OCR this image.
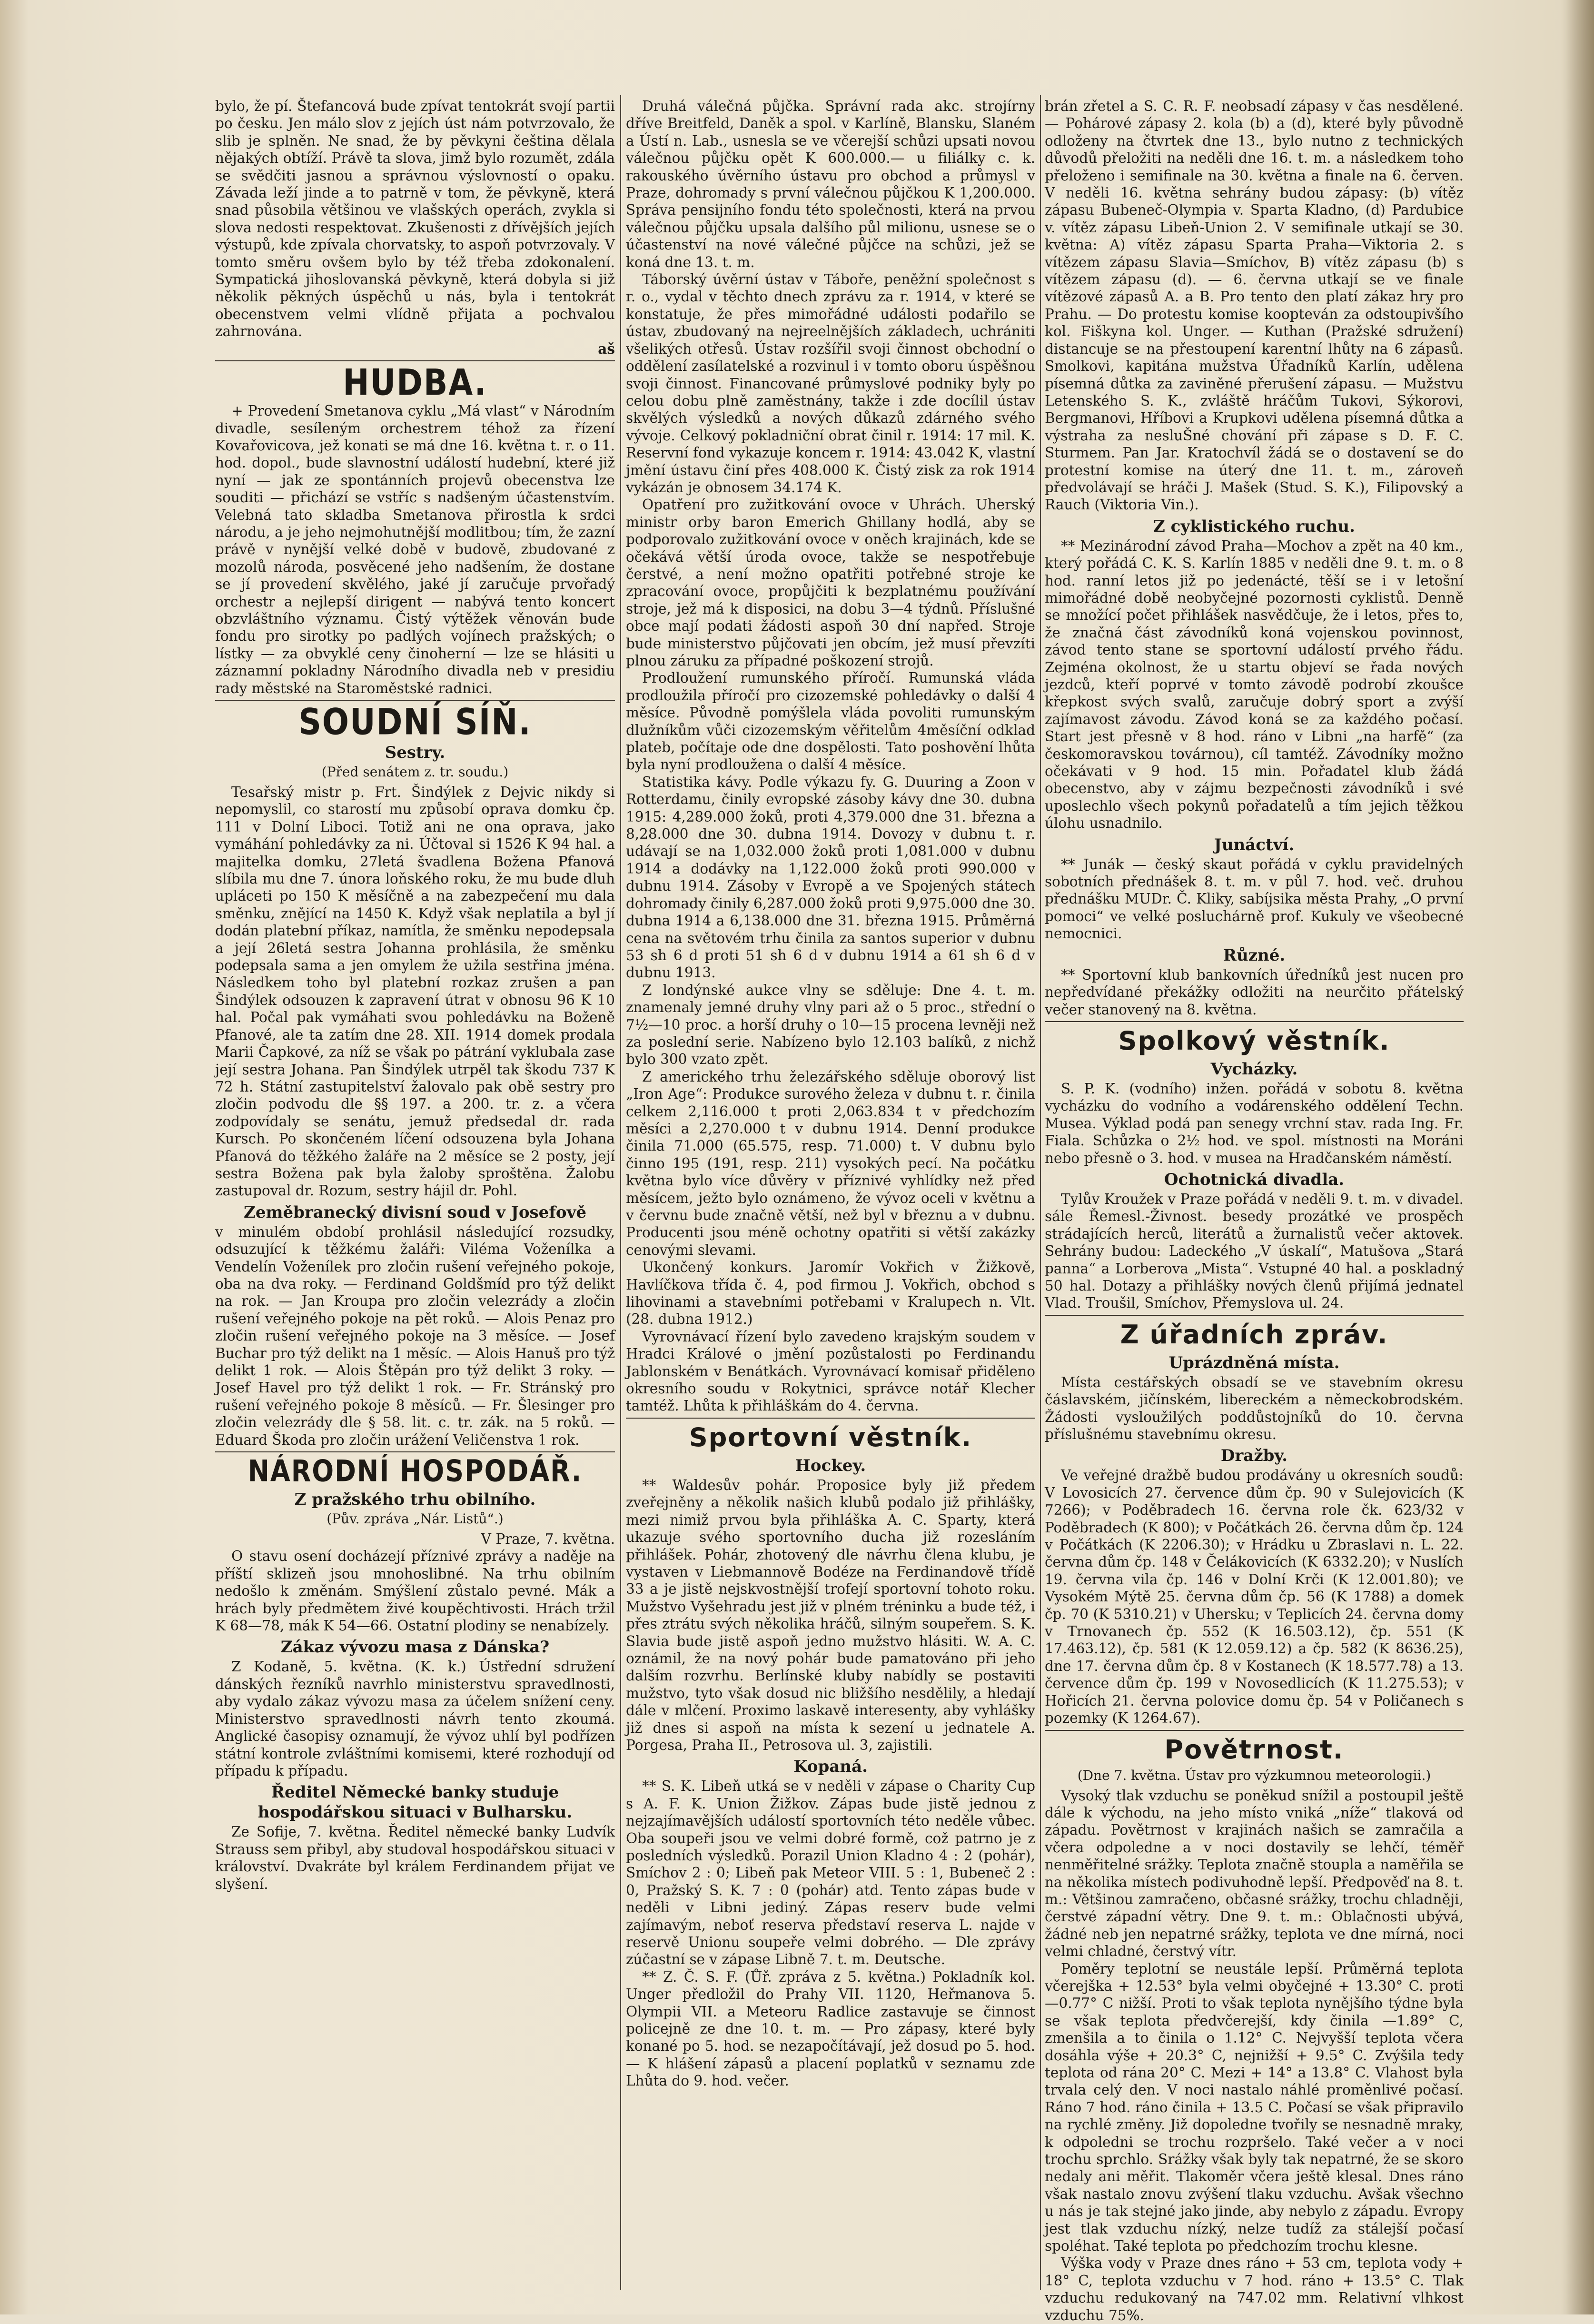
bylo, že pí. Štefancová bude zpívat tentokrát svojí partii po česku. Jen málo slov z jejích úst nám potvrzovalo, že slib je splněn. Ne snad, že by pěvkyni čeština dělala nějakých obtíží. Právě ta slova, jimž bylo rozumět, zdála se svědčiti jasnou a správnou výslovností o opaku. Závada leží jinde a to patrně v tom, že pěvkyně, která snad působila většinou ve vlašských operách, zvykla si slova nedosti respektovat. Zkušenosti z dřívějších jejích výstupů, kde zpívala chorvatsky, to aspoň potvrzovaly. V tomto směru ovšem bylo by též třeba zdokonalení. Sympatická jihoslovanská pěvkyně, která dobyla si již několik pěkných úspěchů u nás, byla i tentokrát obecenstvem velmi vlídně přijata a pochvalou zahrnována.

aš

HUDBA.

+ Provedení Smetanova cyklu „Má vlast“ v Národním divadle, sesíleným orchestrem téhož za řízení Kovařovicova, jež konati se má dne 16. května t. r. o 11. hod. dopol., bude slavnostní událostí hudební, které již nyní — jak ze spontánních projevů obecenstva lze souditi — přichází se vstříc s nadšeným účastenstvím. Velebná tato skladba Smetanova přirostla k srdci národu, a je jeho nejmohutnější modlitbou; tím, že zazní právě v nynější velké době v budově, zbudované z mozolů národa, posvěcené jeho nadšením, že dostane se jí provedení skvělého, jaké jí zaručuje prvořadý orchestr a nejlepší dirigent — nabývá tento koncert obzvláštního významu. Čistý výtěžek věnován bude fondu pro sirotky po padlých vojínech pražských; o lístky — za obvyklé ceny činoherní — lze se hlásiti u záznamní pokladny Národního divadla neb v presidiu rady městské na Staroměstské radnici.

SOUDNÍ SÍŇ.
Sestry.
(Před senátem z. tr. soudu.)

Tesařský mistr p. Frt. Šindýlek z Dejvic nikdy si nepomyslil, co starostí mu způsobí oprava domku čp. 111 v Dolní Liboci. Totiž ani ne ona oprava, jako vymáhání pohledávky za ni. Účtoval si 1526 K 94 hal. a majitelka domku, 27letá švadlena Božena Pfanová slíbila mu dne 7. února loňského roku, že mu bude dluh upláceti po 150 K měsíčně a na zabezpečení mu dala směnku, znějící na 1450 K. Když však neplatila a byl jí dodán platební příkaz, namítla, že směnku nepodepsala a její 26letá sestra Johanna prohlásila, že směnku podepsala sama a jen omylem že užila sestřina jména. Následkem toho byl platební rozkaz zrušen a pan Šindýlek odsouzen k zapravení útrat v obnosu 96 K 10 hal. Počal pak vymáhati svou pohledávku na Boženě Pfanové, ale ta zatím dne 28. XII. 1914 domek prodala Marii Čapkové, za níž se však po pátrání vyklubala zase její sestra Johana. Pan Šindýlek utrpěl tak škodu 737 K 72 h. Státní zastupitelství žalovalo pak obě sestry pro zločin podvodu dle §§ 197. a 200. tr. z. a včera zodpovídaly se senátu, jemuž předsedal dr. rada Kursch. Po skončeném líčení odsouzena byla Johana Pfanová do těžkého žaláře na 2 měsíce se 2 posty, její sestra Božena pak byla žaloby sproštěna. Žalobu zastupoval dr. Rozum, sestry hájil dr. Pohl.

Zeměbranecký divisní soud v Josefově

v minulém období prohlásil následující rozsudky, odsuzující k těžkému žaláři: Viléma Voženílka a Vendelín Voženílek pro zločin rušení veřejného pokoje, oba na dva roky. — Ferdinand Goldšmíd pro týž delikt na rok. — Jan Kroupa pro zločin velezrády a zločin rušení veřejného pokoje na pět roků. — Alois Penaz pro zločin rušení veřejného pokoje na 3 měsíce. — Josef Buchar pro týž delikt na 1 měsíc. — Alois Hanuš pro týž delikt 1 rok. — Alois Štěpán pro týž delikt 3 roky. — Josef Havel pro týž delikt 1 rok. — Fr. Stránský pro rušení veřejného pokoje 8 měsíců. — Fr. Šlesinger pro zločin velezrády dle § 58. lit. c. tr. zák. na 5 roků. — Eduard Škoda pro zločin urážení Veličenstva 1 rok.

NÁRODNÍ HOSPODÁŘ.
Z pražského trhu obilního.
(Pův. zpráva „Nár. Listů“.)
V Praze, 7. května.

O stavu osení docházejí příznivé zprávy a naděje na příští sklizeň jsou mnohoslibné. Na trhu obilním nedošlo k změnám. Smýšlení zůstalo pevné. Mák a hrách byly předmětem živé koupěchtivosti. Hrách tržil K 68—78, mák K 54—66. Ostatní plodiny se nenabízely.

Zákaz vývozu masa z Dánska?

Z Kodaně, 5. května. (K. k.) Ústřední sdružení dánských řezníků navrhlo ministerstvu spravedlnosti, aby vydalo zákaz vývozu masa za účelem snížení ceny. Ministerstvo spravedlnosti návrh tento zkoumá. Anglické časopisy oznamují, že vývoz uhlí byl podřízen státní kontrole zvláštními komisemi, které rozhodují od případu k případu.

Ředitel Německé banky studuje hospodářskou situaci v Bulharsku.

Ze Sofije, 7. května. Ředitel německé banky Ludvík Strauss sem přibyl, aby studoval hospodářskou situaci v království. Dvakráte byl králem Ferdinandem přijat ve slyšení.

Druhá válečná půjčka. Správní rada akc. strojírny dříve Breitfeld, Daněk a spol. v Karlíně, Blansku, Slaném a Ústí n. Lab., usnesla se ve včerejší schůzi upsati novou válečnou půjčku opět K 600.000.— u filiálky c. k. rakouského úvěrního ústavu pro obchod a průmysl v Praze, dohromady s první válečnou půjčkou K 1,200.000. Správa pensijního fondu této společnosti, která na prvou válečnou půjčku upsala dalšího půl milionu, usnese se o účastenství na nové válečné půjčce na schůzi, jež se koná dne 13. t. m.

Táborský úvěrní ústav v Táboře, peněžní společnost s r. o., vydal v těchto dnech zprávu za r. 1914, v které se konstatuje, že přes mimořádné události podařilo se ústav, zbudovaný na nejreelnějších základech, uchrániti všelikých otřesů. Ústav rozšířil svoji činnost obchodní o oddělení zasílatelské a rozvinul i v tomto oboru úspěšnou svoji činnost. Financované průmyslové podniky byly po celou dobu plně zaměstnány, takže i zde docílil ústav skvělých výsledků a nových důkazů zdárného svého vývoje. Celkový pokladniční obrat činil r. 1914: 17 mil. K. Reservní fond vykazuje koncem r. 1914: 43.042 K, vlastní jmění ústavu činí přes 408.000 K. Čistý zisk za rok 1914 vykázán je obnosem 34.174 K.

Opatření pro zužitkování ovoce v Uhrách. Uherský ministr orby baron Emerich Ghillany hodlá, aby se podporovalo zužitkování ovoce v oněch krajinách, kde se očekává větší úroda ovoce, takže se nespotřebuje čerstvé, a není možno opatřiti potřebné stroje ke zpracování ovoce, propůjčiti k bezplatnému používání stroje, jež má k disposici, na dobu 3—4 týdnů. Příslušné obce mají podati žádosti aspoň 30 dní napřed. Stroje bude ministerstvo půjčovati jen obcím, jež musí převzíti plnou záruku za případné poškození strojů.

Prodloužení rumunského příročí. Rumunská vláda prodloužila příročí pro cizozemské pohledávky o další 4 měsíce. Původně pomýšlela vláda povoliti rumunským dlužníkům vůči cizozemským věřitelům 4měsíční odklad plateb, počítaje ode dne dospělosti. Tato poshovění lhůta byla nyní prodloužena o další 4 měsíce.

Statistika kávy. Podle výkazu fy. G. Duuring a Zoon v Rotterdamu, činily evropské zásoby kávy dne 30. dubna 1915: 4,289.000 žoků, proti 4,379.000 dne 31. března a 8,28.000 dne 30. dubna 1914. Dovozy v dubnu t. r. udávají se na 1,032.000 žoků proti 1,081.000 v dubnu 1914 a dodávky na 1,122.000 žoků proti 990.000 v dubnu 1914. Zásoby v Evropě a ve Spojených státech dohromady činily 6,287.000 žoků proti 9,975.000 dne 30. dubna 1914 a 6,138.000 dne 31. března 1915. Průměrná cena na světovém trhu činila za santos superior v dubnu 53 sh 6 d proti 51 sh 6 d v dubnu 1914 a 61 sh 6 d v dubnu 1913.

Z londýnské aukce vlny se sděluje: Dne 4. t. m. znamenaly jemné druhy vlny pari až o 5 proc., střední o 7½—10 proc. a horší druhy o 10—15 procena levněji než za poslední serie. Nabízeno bylo 12.103 balíků, z nichž bylo 300 vzato zpět.

Z amerického trhu železářského sděluje oborový list „Iron Age“: Produkce surového železa v dubnu t. r. činila celkem 2,116.000 t proti 2,063.834 t v předchozím měsíci a 2,270.000 t v dubnu 1914. Denní produkce činila 71.000 (65.575, resp. 71.000) t. V dubnu bylo činno 195 (191, resp. 211) vysokých pecí. Na počátku května bylo více důvěry v příznivé vyhlídky než před měsícem, ježto bylo oznámeno, že vývoz oceli v květnu a v červnu bude značně větší, než byl v březnu a v dubnu. Producenti jsou méně ochotny opatřiti si větší zakázky cenovými slevami.

Ukončený konkurs. Jaromír Vokřich v Žižkově, Havlíčkova třída č. 4, pod firmou J. Vokřich, obchod s lihovinami a stavebními potřebami v Kralupech n. Vlt. (28. dubna 1912.)

Vyrovnávací řízení bylo zavedeno krajským soudem v Hradci Králové o jmění pozůstalosti po Ferdinandu Jablonském v Benátkách. Vyrovnávací komisař přiděleno okresního soudu v Rokytnici, správce notář Klecher tamtéž. Lhůta k přihláškám do 4. června.

Sportovní věstník.
Hockey.

** Waldesův pohár. Proposice byly již předem zveřejněny a několik našich klubů podalo již přihlášky, mezi nimiž prvou byla přihláška A. C. Sparty, která ukazuje svého sportovního ducha již rozesláním přihlášek. Pohár, zhotovený dle návrhu člena klubu, je vystaven v Liebmannově Bodéze na Ferdinandově třídě 33 a je jistě nejskvostnější trofejí sportovní tohoto roku. Mužstvo Vyšehradu jest již v plném tréninku a bude též, i přes ztrátu svých několika hráčů, silným soupeřem. S. K. Slavia bude jistě aspoň jedno mužstvo hlásiti. W. A. C. oznámil, že na nový pohár bude pamatováno při jeho dalším rozvrhu. Berlínské kluby nabídly se postaviti mužstvo, tyto však dosud nic bližšího nesdělily, a hledají dále v mlčení. Proximo laskavě interesenty, aby vyhlášky již dnes si aspoň na místa k sezení u jednatele A. Porgesa, Praha II., Petrosova ul. 3, zajistili.

Kopaná.

** S. K. Libeň utká se v neděli v zápase o Charity Cup s A. F. K. Union Žižkov. Zápas bude jistě jednou z nejzajímavějších událostí sportovních této neděle vůbec. Oba soupeři jsou ve velmi dobré formě, což patrno je z posledních výsledků. Porazil Union Kladno 4 : 2 (pohár), Smíchov 2 : 0; Libeň pak Meteor VIII. 5 : 1, Bubeneč 2 : 0, Pražský S. K. 7 : 0 (pohár) atd. Tento zápas bude v neděli v Libni jediný. Zápas reserv bude velmi zajímavým, neboť reserva představí reserva L. najde v reservě Unionu soupeře velmi dobrého. — Dle zprávy zúčastní se v zápase Libně 7. t. m. Deutsche.

** Z. Č. S. F. (Ůř. zpráva z 5. května.) Pokladník kol. Unger předložil do Prahy VII. 1120, Heřmanova 5. Olympii VII. a Meteoru Radlice zastavuje se činnost policejně ze dne 10. t. m. — Pro zápasy, které byly konané po 5. hod. se nezapočítávají, jež dosud po 5. hod. — K hlášení zápasů a placení poplatků v seznamu zde Lhůta do 9. hod. večer.

brán zřetel a S. C. R. F. neobsadí zápasy v čas nesdělené. — Pohárové zápasy 2. kola (b) a (d), které byly původně odloženy na čtvrtek dne 13., bylo nutno z technických důvodů přeložiti na neděli dne 16. t. m. a následkem toho přeloženo i semifinale na 30. května a finale na 6. červen. V neděli 16. května sehrány budou zápasy: (b) vítěz zápasu Bubeneč-Olympia v. Sparta Kladno, (d) Pardubice v. vítěz zápasu Libeň-Union 2. V semifinale utkají se 30. května: A) vítěz zápasu Sparta Praha—Viktoria 2. s vítězem zápasu Slavia—Smíchov, B) vítěz zápasu (b) s vítězem zápasu (d). — 6. června utkají se ve finale vítězové zápasů A. a B. Pro tento den platí zákaz hry pro Prahu. — Do protestu komise koopteván za odstoupivšího kol. Fiškyna kol. Unger. — Kuthan (Pražské sdružení) distancuje se na přestoupení karentní lhůty na 6 zápasů. Smolkovi, kapitána mužstva Úřadníků Karlín, udělena písemná důtka za zaviněné přerušení zápasu. — Mužstvu Letenského S. K., zvláště hráčům Tukovi, Sýkorovi, Bergmanovi, Hříbovi a Krupkovi udělena písemná důtka a výstraha za nesluŠné chování při zápase s D. F. C. Sturmem. Pan Jar. Kratochvíl žádá se o dostavení se do protestní komise na úterý dne 11. t. m., zároveň předvolávají se hráči J. Mašek (Stud. S. K.), Filipovský a Rauch (Viktoria Vin.).

Z cyklistického ruchu.

** Mezinárodní závod Praha—Mochov a zpět na 40 km., který pořádá C. K. S. Karlín 1885 v neděli dne 9. t. m. o 8 hod. ranní letos již po jedenácté, těší se i v letošní mimořádné době neobyčejné pozornosti cyklistů. Denně se množící počet přihlášek nasvědčuje, že i letos, přes to, že značná část závodníků koná vojenskou povinnost, závod tento stane se sportovní událostí prvého řádu. Zejména okolnost, že u startu objeví se řada nových jezdců, kteří poprvé v tomto závodě podrobí zkoušce křepkost svých svalů, zaručuje dobrý sport a zvýší zajímavost závodu. Závod koná se za každého počasí. Start jest přesně v 8 hod. ráno v Libni „na harfě“ (za českomoravskou továrnou), cíl tamtéž. Závodníky možno očekávati v 9 hod. 15 min. Pořadatel klub žádá obecenstvo, aby v zájmu bezpečnosti závodníků i své uposlechlo všech pokynů pořadatelů a tím jejich těžkou úlohu usnadnilo.

Junáctví.

** Junák — český skaut pořádá v cyklu pravidelných sobotních přednášek 8. t. m. v půl 7. hod. več. druhou přednášku MUDr. Č. Kliky, sabíjsika města Prahy, „O první pomoci“ ve velké posluchárně prof. Kukuly ve všeobecné nemocnici.

Různé.

** Sportovní klub bankovních úředníků jest nucen pro nepředvídané překážky odložiti na neurčito přátelský večer stanovený na 8. května.

Spolkový věstník.
Vycházky.

S. P. K. (vodního) inžen. pořádá v sobotu 8. května vycházku do vodního a vodárenského oddělení Techn. Musea. Výklad podá pan senegy vrchní stav. rada Ing. Fr. Fiala. Schůzka o 2½ hod. ve spol. místnosti na Moráni nebo přesně o 3. hod. v musea na Hradčanském náměstí.

Ochotnická divadla.

Tylův Kroužek v Praze pořádá v neděli 9. t. m. v divadel. sále Řemesl.-Živnost. besedy prozátké ve prospěch strádajících herců, literátů a žurnalistů večer aktovek. Sehrány budou: Ladeckého „V úskalí“, Matušova „Stará panna“ a Lorberova „Mista“. Vstupné 40 hal. a poskladný 50 hal. Dotazy a přihlášky nových členů přijímá jednatel Vlad. Troušil, Smíchov, Přemyslova ul. 24.

Z úřadních zpráv.
Uprázdněná místa.

Místa cestářských obsadí se ve stavebním okresu čáslavském, jičínském, libereckém a německobrodském. Žádosti vysloužilých poddůstojníků do 10. června příslušnému stavebnímu okresu.

Dražby.

Ve veřejné dražbě budou prodávány u okresních soudů: V Lovosicích 27. července dům čp. 90 v Sulejovicích (K 7266); v Poděbradech 16. června role čk. 623/32 v Poděbradech (K 800); v Počátkách 26. června dům čp. 124 v Počátkách (K 2206.30); v Hrádku u Zbraslavi n. L. 22. června dům čp. 148 v Čelákovicích (K 6332.20); v Nuslích 19. června vila čp. 146 v Dolní Krči (K 12.001.80); ve Vysokém Mýtě 25. června dům čp. 56 (K 1788) a domek čp. 70 (K 5310.21) v Uhersku; v Teplicích 24. června domy v Trnovanech čp. 552 (K 16.503.12), čp. 551 (K 17.463.12), čp. 581 (K 12.059.12) a čp. 582 (K 8636.25), dne 17. června dům čp. 8 v Kostanech (K 18.577.78) a 13. července dům čp. 199 v Novosedlicích (K 11.275.53); v Hořicích 21. června polovice domu čp. 54 v Poličanech s pozemky (K 1264.67).

Povětrnost.
(Dne 7. května. Ústav pro výzkumnou meteorologii.)

Vysoký tlak vzduchu se poněkud snížil a postoupil ještě dále k východu, na jeho místo vniká „níže“ tlaková od západu. Povětrnost v krajinách našich se zamračila a včera odpoledne a v noci dostavily se lehčí, téměř nenměřitelné srážky. Teplota značně stoupla a naměřila se na několika místech podivuhodně lepší. Předpověď na 8. t. m.: Většinou zamračeno, občasné srážky, trochu chladněji, čerstvé západní větry. Dne 9. t. m.: Oblačnosti ubývá, žádné neb jen nepatrné srážky, teplota ve dne mírná, noci velmi chladné, čerstvý vítr.

Poměry teplotní se neustále lepší. Průměrná teplota včerejška + 12.53° byla velmi obyčejné + 13.30° C. proti —0.77° C nižší. Proti to však teplota nynějšího týdne byla se však teplota předvčerejší, kdy činila —1.89° C, zmenšila a to činila o 1.12° C. Nejvyšší teplota včera dosáhla výše + 20.3° C, nejnižší + 9.5° C. Zvýšila tedy teplota od rána 20° C. Mezi + 14° a 13.8° C. Vlahost byla trvala celý den. V noci nastalo náhlé proměnlivé počasí. Ráno 7 hod. ráno činila + 13.5 C. Počasí se však připravilo na rychlé změny. Již dopoledne tvořily se nesnadně mraky, k odpoledni se trochu rozpršelo. Také večer a v noci trochu sprchlo. Srážky však byly tak nepatrné, že se skoro nedaly ani měřit. Tlakoměr včera ještě klesal. Dnes ráno však nastalo znovu zvýšení tlaku vzduchu. Avšak všechno u nás je tak stejné jako jinde, aby nebylo z západu. Evropy jest tlak vzduchu nízký, nelze tudíž za stálejší počasí spoléhat. Také teplota po předchozím trochu klesne.

Výška vody v Praze dnes ráno + 53 cm, teplota vody + 18° C, teplota vzduchu v 7 hod. ráno + 13.5° C. Tlak vzduchu redukovaný na 747.02 mm. Relativní vlhkost vzduchu 75%.
